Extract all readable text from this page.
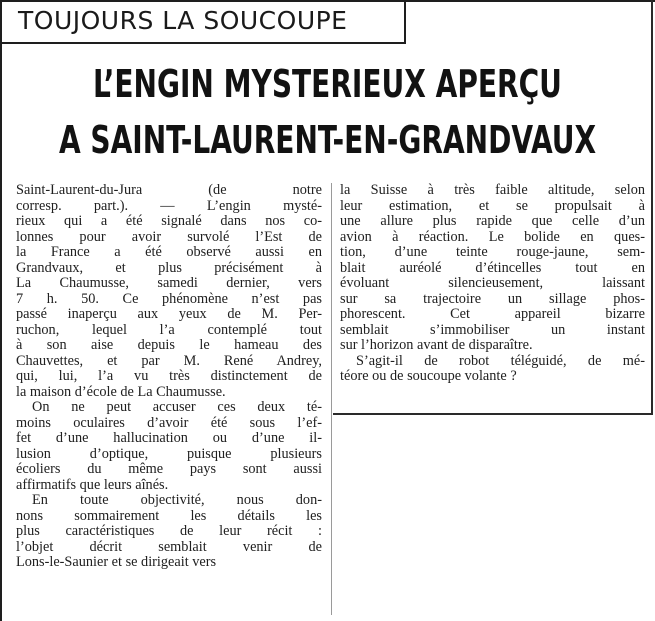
TOUJOURS LA SOUCOUPE
L’ENGIN MYSTERIEUX APERÇU
A SAINT-LAURENT-EN-GRANDVAUX
Saint-Laurent-du-Jura (de notre
corresp. part.). — L’engin mysté-
rieux qui a été signalé dans nos co-
lonnes pour avoir survolé l’Est de
la France a été observé aussi en
Grandvaux, et plus précisément à
La Chaumusse, samedi dernier, vers
7 h. 50. Ce phénomène n’est pas
passé inaperçu aux yeux de M. Per-
ruchon, lequel l’a contemplé tout
à son aise depuis le hameau des
Chauvettes, et par M. René Andrey,
qui, lui, l’a vu très distinctement de
la maison d’école de La Chaumusse.
On ne peut accuser ces deux té-
moins oculaires d’avoir été sous l’ef-
fet d’une hallucination ou d’une il-
lusion d’optique, puisque plusieurs
écoliers du même pays sont aussi
affirmatifs que leurs aînés.
En toute objectivité, nous don-
nons sommairement les détails les
plus caractéristiques de leur récit :
l’objet décrit semblait venir de
Lons-le-Saunier et se dirigeait vers
la Suisse à très faible altitude, selon
leur estimation, et se propulsait à
une allure plus rapide que celle d’un
avion à réaction. Le bolide en ques-
tion, d’une teinte rouge-jaune, sem-
blait auréolé d’étincelles tout en
évoluant silencieusement, laissant
sur sa trajectoire un sillage phos-
phorescent. Cet appareil bizarre
semblait s’immobiliser un instant
sur l’horizon avant de disparaître.
S’agit-il de robot téléguidé, de mé-
téore ou de soucoupe volante ?
